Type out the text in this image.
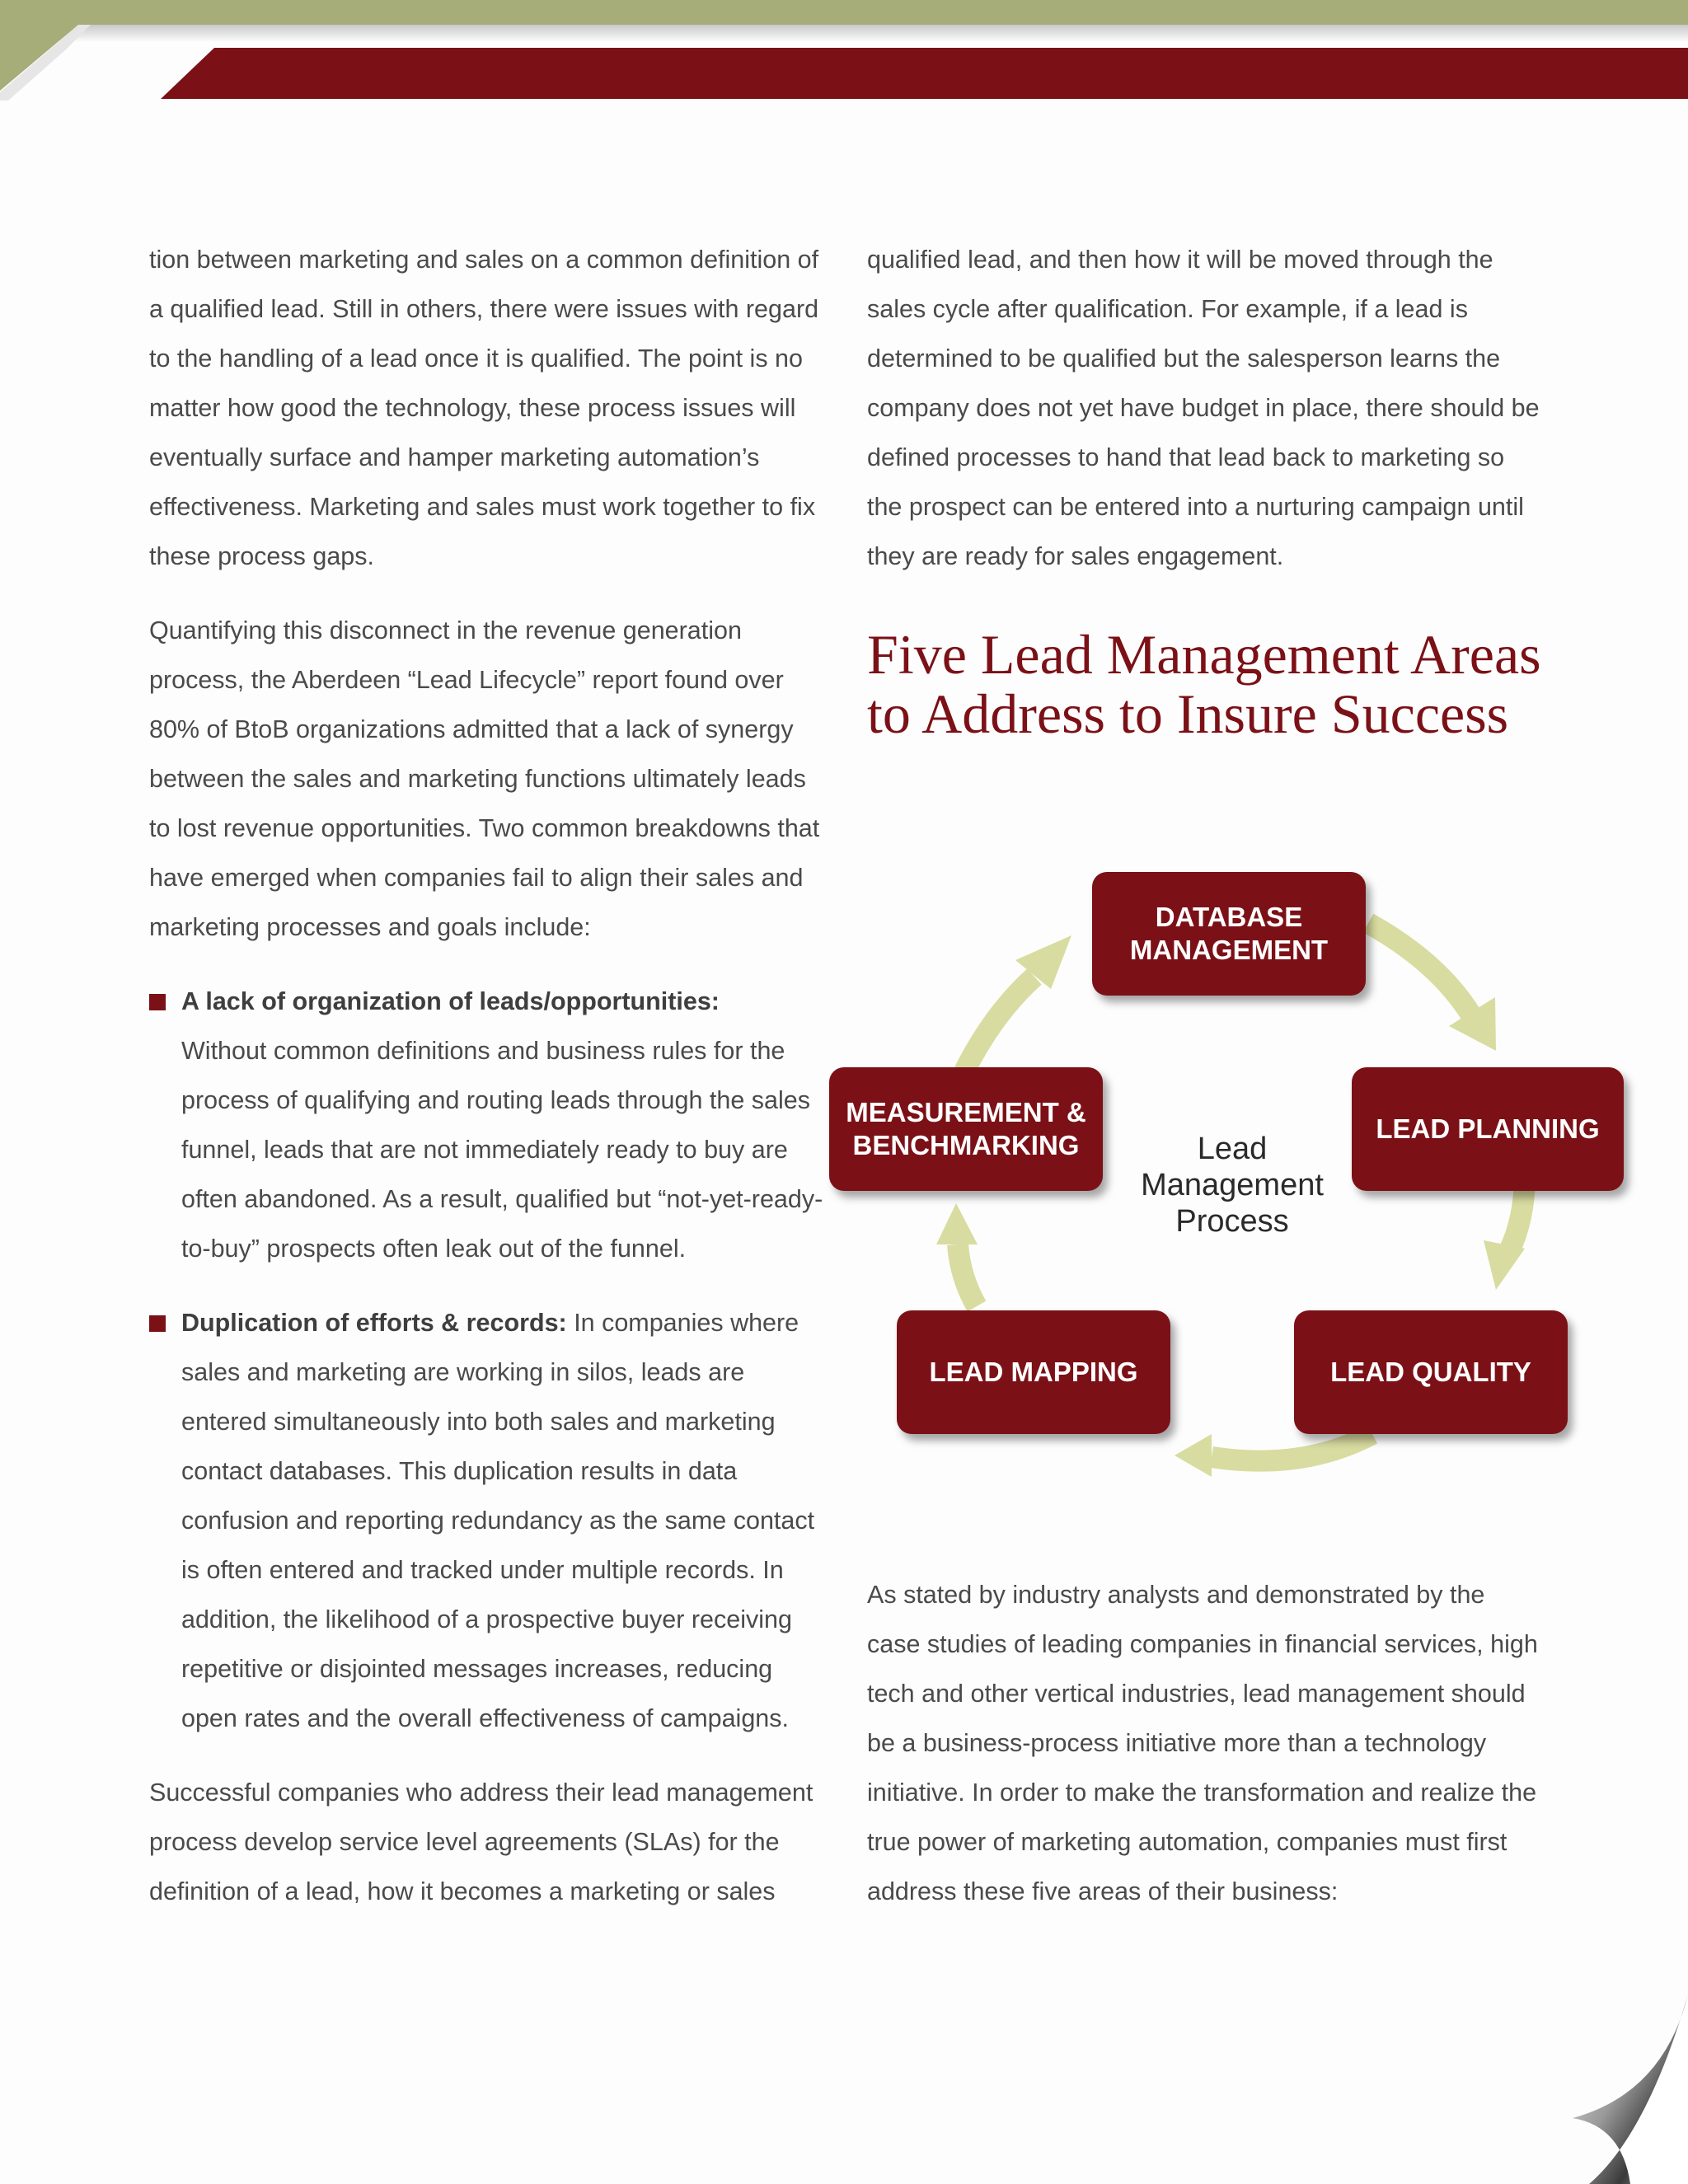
tion between marketing and sales on a common definition of a qualified lead. Still in others, there were issues with regard to the handling of a lead once it is qualified. The point is no matter how good the technology, these process issues will eventually surface and hamper marketing automation’s effectiveness. Marketing and sales must work together to fix these process gaps.

Quantifying this disconnect in the revenue generation process, the Aberdeen “Lead Lifecycle” report found over 80% of BtoB organizations admitted that a lack of synergy between the sales and marketing functions ultimately leads to lost revenue opportunities. Two common breakdowns that have emerged when companies fail to align their sales and marketing processes and goals include:

A lack of organization of leads/opportunities:
Without common definitions and business rules for the process of qualifying and routing leads through the sales funnel, leads that are not immediately ready to buy are often abandoned. As a result, qualified but “not-yet-ready-to-buy” prospects often leak out of the funnel.
Duplication of efforts & records: In companies where sales and marketing are working in silos, leads are entered simultaneously into both sales and marketing contact databases. This duplication results in data confusion and reporting redundancy as the same contact is often entered and tracked under multiple records. In addition, the likelihood of a prospective buyer receiving repetitive or disjointed messages increases, reducing open rates and the overall effectiveness of campaigns.

Successful companies who address their lead management process develop service level agreements (SLAs) for the definition of a lead, how it becomes a marketing or sales

qualified lead, and then how it will be moved through the sales cycle after qualification. For example, if a lead is determined to be qualified but the salesperson learns the company does not yet have budget in place, there should be defined processes to hand that lead back to marketing so the prospect can be entered into a nurturing campaign until they are ready for sales engagement.

Five Lead Management Areas to Address to Insure Success
DATABASE
MANAGEMENT
LEAD PLANNING
LEAD QUALITY
LEAD MAPPING
MEASUREMENT &
BENCHMARKING	Lead
Management
Process

As stated by industry analysts and demonstrated by the case studies of leading companies in financial services, high tech and other vertical industries, lead management should be a business-process initiative more than a technology initiative. In order to make the transformation and realize the true power of marketing automation, companies must first address these five areas of their business:
